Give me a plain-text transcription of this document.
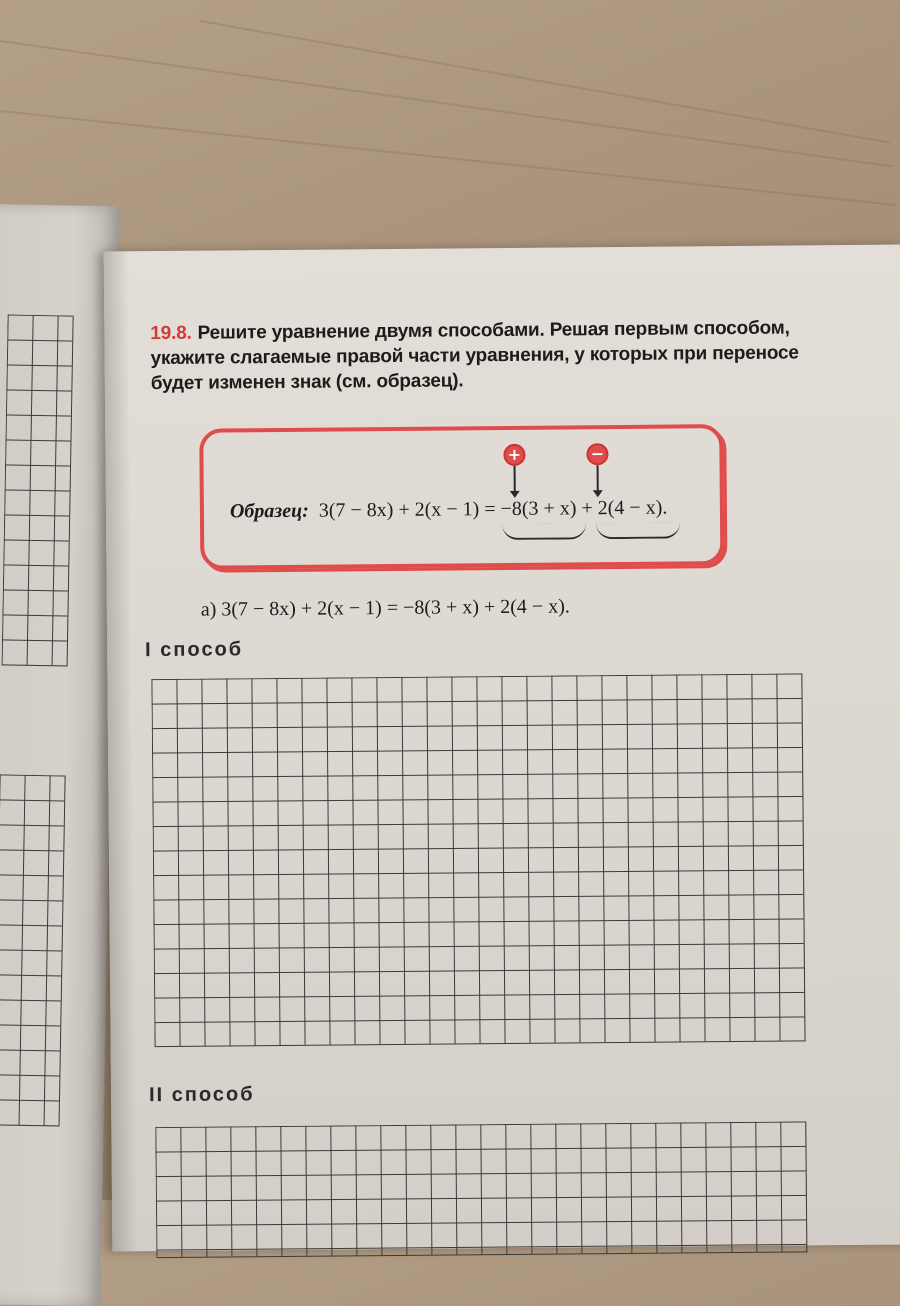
19.8. Решите уравнение двумя способами. Решая первым способом, укажите слагаемые правой части уравнения, у которых при переносе будет изменен знак (см. образец).
+	−
Образец: 3(7 − 8x) + 2(x − 1) = −8(3 + x) + 2(4 − x).
а) 3(7 − 8x) + 2(x − 1) = −8(3 + x) + 2(4 − x).
I способ
II способ
